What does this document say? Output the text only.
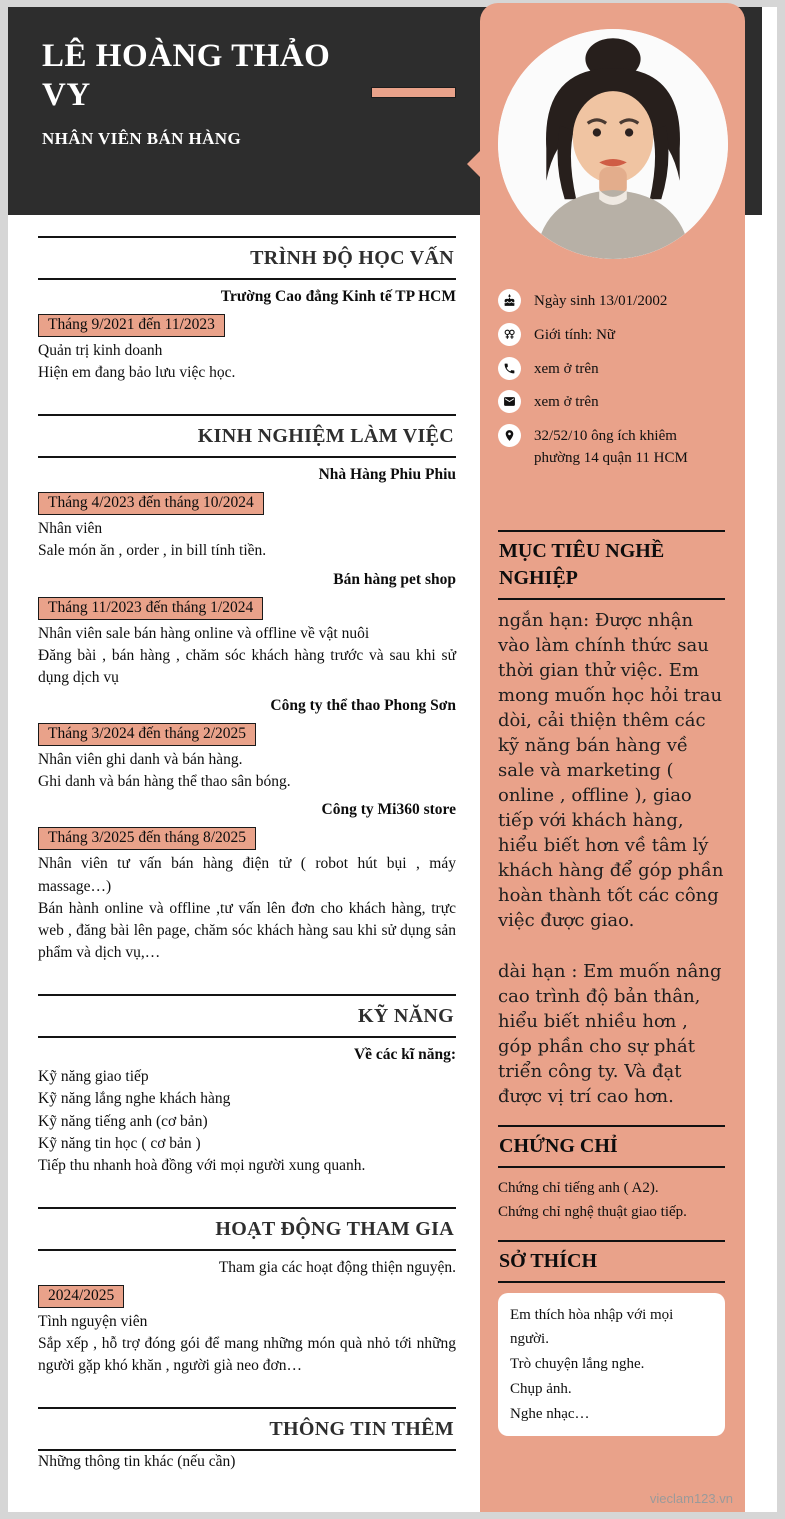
LÊ HOÀNG THẢO VY
NHÂN VIÊN BÁN HÀNG
TRÌNH ĐỘ HỌC VẤN
Trường Cao đẳng Kinh tế TP HCM
Tháng 9/2021 đến 11/2023
Quản trị kinh doanh
Hiện em đang bảo lưu việc học.
KINH NGHIỆM LÀM VIỆC
Nhà Hàng Phiu Phiu
Tháng 4/2023 đến tháng 10/2024
Nhân viên
Sale món ăn , order , in bill tính tiền.
Bán hàng pet shop
Tháng 11/2023 đến tháng 1/2024
Nhân viên sale bán hàng online và offline về vật nuôi
Đăng bài , bán hàng , chăm sóc khách hàng trước và sau khi sử dụng dịch vụ
Công ty thể thao Phong Sơn
Tháng 3/2024 đến tháng 2/2025
Nhân viên ghi danh và bán hàng.
Ghi danh và bán hàng thể thao sân bóng.
Công ty Mi360 store
Tháng 3/2025 đến tháng 8/2025
Nhân viên tư vấn bán hàng điện tử ( robot hút bụi , máy massage…)
Bán hành online và offline ,tư vấn lên đơn cho khách hàng, trực web , đăng bài lên page, chăm sóc khách hàng sau khi sử dụng sản phẩm và dịch vụ,…
KỸ NĂNG
Về các kĩ năng:
Kỹ năng giao tiếp
Kỹ năng lắng nghe khách hàng
Kỹ năng tiếng anh (cơ bản)
Kỹ năng tin học ( cơ bản )
Tiếp thu nhanh hoà đồng với mọi người xung quanh.
HOẠT ĐỘNG THAM GIA
Tham gia các hoạt động thiện nguyện.
2024/2025
Tình nguyện viên
Sắp xếp , hỗ trợ đóng gói để mang những món quà nhỏ tới những người gặp khó khăn , người già neo đơn…
THÔNG TIN THÊM
Những thông tin khác (nếu cần)
Ngày sinh 13/01/2002
Giới tính: Nữ
xem ở trên
xem ở trên
32/52/10 ông ích khiêm phường 14 quận 11 HCM
MỤC TIÊU NGHỀ NGHIỆP

ngắn hạn: Được nhận vào làm chính thức sau thời gian thử việc. Em mong muốn học hỏi trau dòi, cải thiện thêm các kỹ năng bán hàng về sale và marketing ( online , offline ), giao tiếp với khách hàng, hiểu biết hơn về tâm lý khách hàng để góp phần hoàn thành tốt các công việc được giao.

dài hạn : Em muốn nâng cao trình độ bản thân, hiểu biết nhiều hơn , góp phần cho sự phát triển công ty. Và đạt được vị trí cao hơn.

CHỨNG CHỈ
Chứng chỉ tiếng anh ( A2).
Chứng chỉ nghệ thuật giao tiếp.
SỞ THÍCH
Em thích hòa nhập với mọi người.
Trò chuyện lắng nghe.
Chụp ảnh.
Nghe nhạc…
vieclam123.vn
